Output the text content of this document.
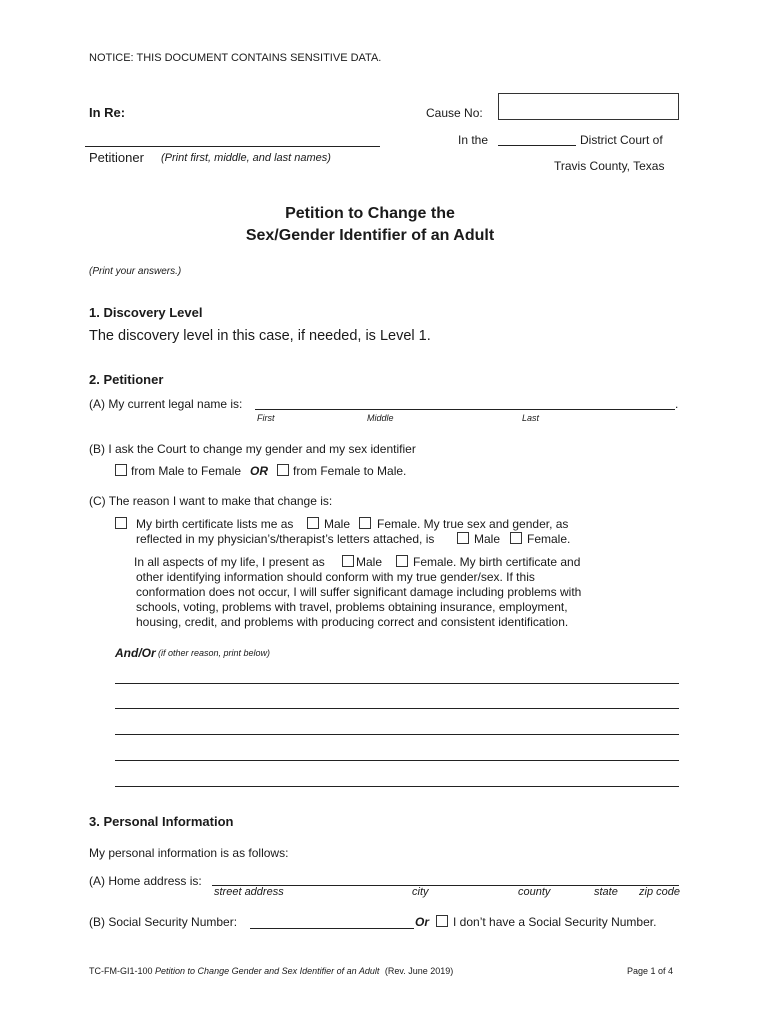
NOTICE: THIS DOCUMENT CONTAINS SENSITIVE DATA.
In Re:	Cause No:
In the	District Court of
Petitioner (Print first, middle, and last names)
Travis County, Texas
Petition to Change the
Sex/Gender Identifier of an Adult
(Print your answers.)
1. Discovery Level
The discovery level in this case, if needed, is Level 1.
2. Petitioner
(A) My current legal name is:	.
First	Middle	Last
(B) I ask the Court to change my gender and my sex identifier
from Male to Female OR from Female to Male.
(C) The reason I want to make that change is:
My birth certificate lists me as	Male Female. My true sex and gender, as
reflected in my physician’s/therapist’s letters attached, is	Male Female.
In all aspects of my life, I present as	Male	Female. My birth certificate and
other identifying information should conform with my true gender/sex. If this
conformation does not occur, I will suffer significant damage including problems with
schools, voting, problems with travel, problems obtaining insurance, employment,
housing, credit, and problems with producing correct and consistent identification.
And/Or (if other reason, print below)
3. Personal Information
My personal information is as follows:
(A) Home address is:
street address	city	county	state zip code
(B) Social Security Number:	Or I don’t have a Social Security Number.
TC-FM-GI1-100 Petition to Change Gender and Sex Identifier of an Adult (Rev. June 2019)	Page 1 of 4
